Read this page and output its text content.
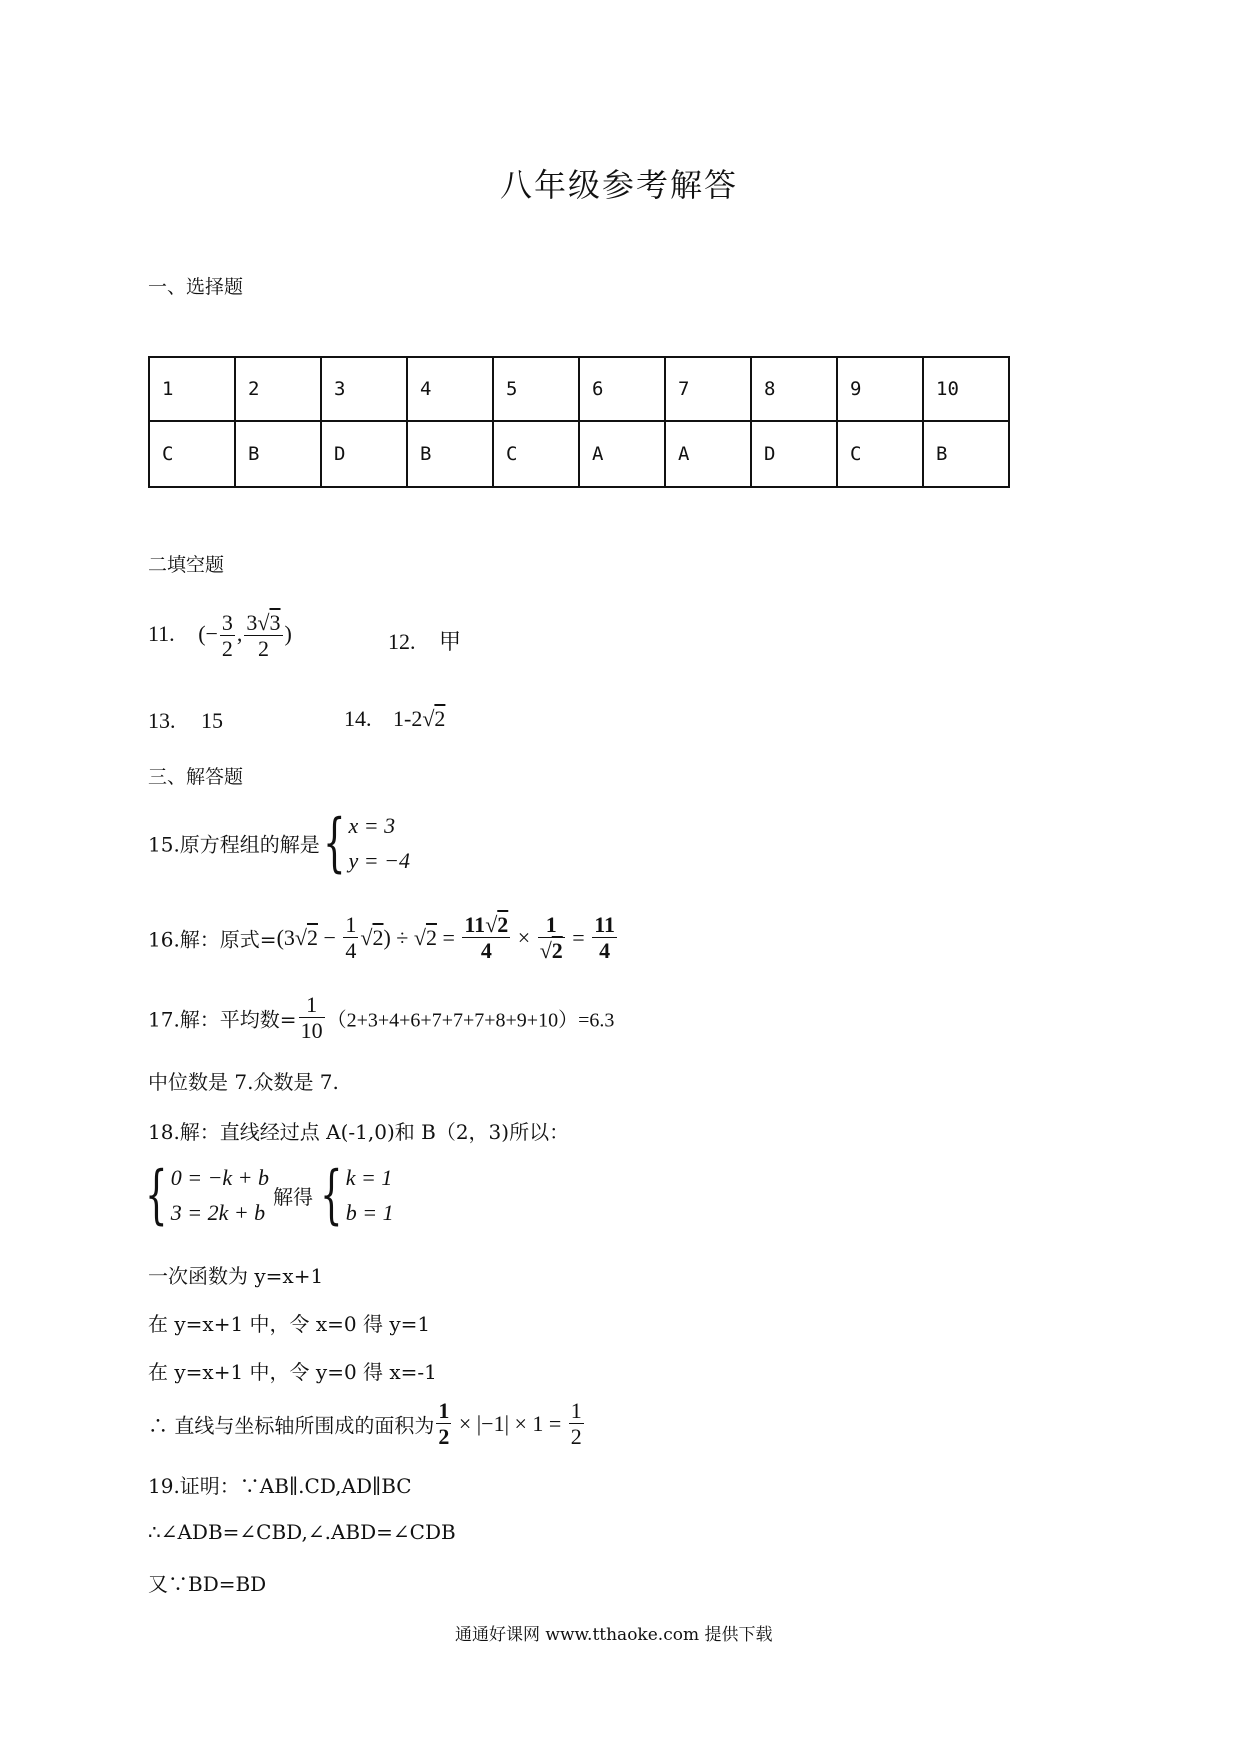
八年级参考解答
一、选择题
1	2	3	4	5	6	7	8	9	10
C	B	D	B	C	A	A	D	C	B
二填空题
11. (− $\frac{3}{2}$ , $\frac{3√3}{2}$ )	12. 甲
13. 15	14. 1-2√2
三、解答题
15.原方程组的解是{ x = 3
y = −4
16.解：原式$=(3√2 - \frac{1}{4} √2) \div √2 = \frac{11√2}{4} \times \frac{1}{√2} = \frac{11}{4}$
17.解：平均数= $\frac{1}{10} (2+3+4+6+7+7+7+8+9+10)=6.3$
中位数是 7.众数是 7.
18.解：直线经过点 A(-1,0)和 B（2，3)所以：
{ 0 = −k + b
3 = 2k + b
解得 { k = 1
b = 1
一次函数为 y=x+1
在 y=x+1 中，令 x=0 得 y=1
在 y=x+1 中，令 y=0 得 x=-1
∴ 直线与坐标轴所围成的面积为 $\frac{1}{2} \times |-1| \times 1 = \frac{1}{2}$
19.证明：∵AB∥.CD,AD∥BC
∴∠ADB=∠CBD,∠.ABD=∠CDB
又∵BD=BD
通通好课网 www.tthaoke.com 提供下载
